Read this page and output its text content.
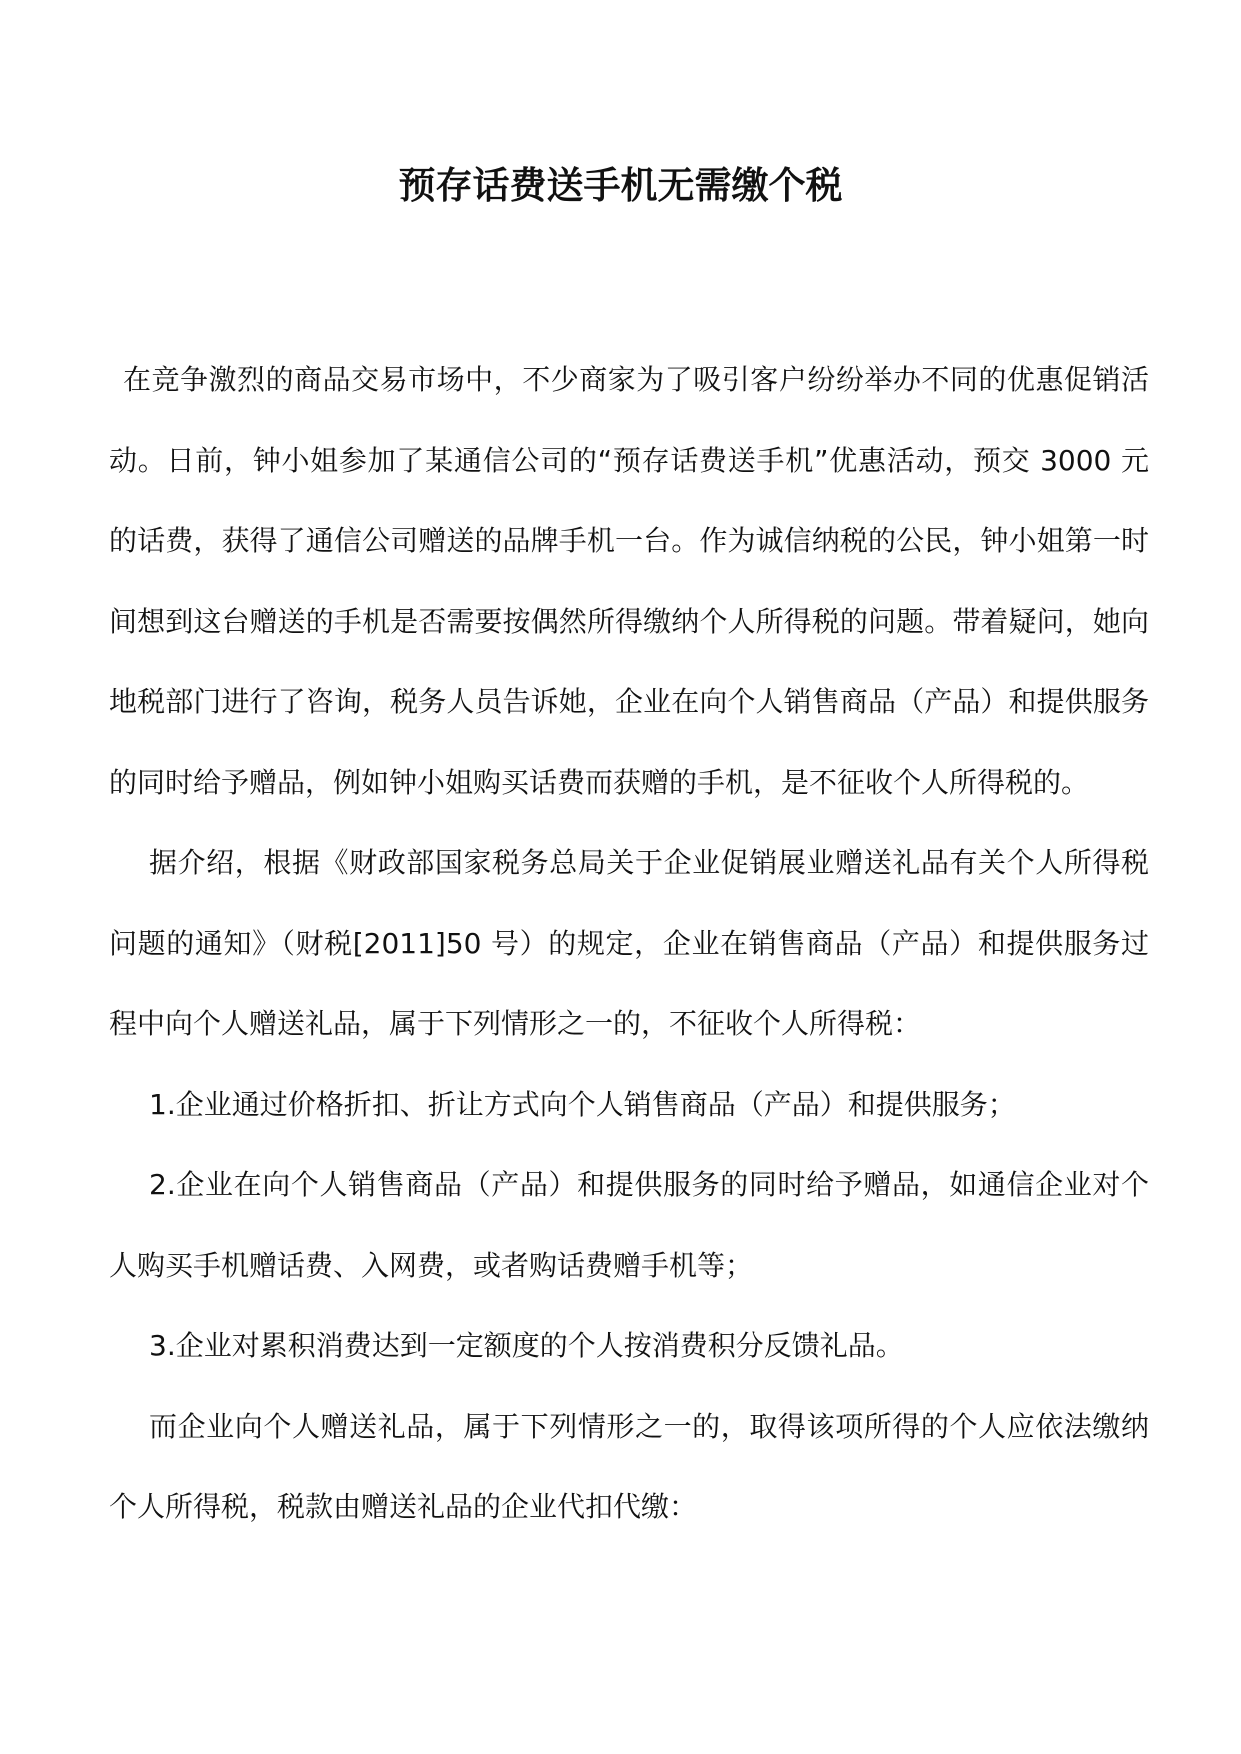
预存话费送手机无需缴个税

在竞争激烈的商品交易市场中，不少商家为了吸引客户纷纷举办不同的优惠促销活动。日前，钟小姐参加了某通信公司的“预存话费送手机”优惠活动，预交 3000 元的话费，获得了通信公司赠送的品牌手机一台。作为诚信纳税的公民，钟小姐第一时间想到这台赠送的手机是否需要按偶然所得缴纳个人所得税的问题。带着疑问，她向地税部门进行了咨询，税务人员告诉她，企业在向个人销售商品（产品）和提供服务的同时给予赠品，例如钟小姐购买话费而获赠的手机，是不征收个人所得税的。

据介绍，根据《财政部国家税务总局关于企业促销展业赠送礼品有关个人所得税问题的通知》（财税[2011]50 号）的规定，企业在销售商品（产品）和提供服务过程中向个人赠送礼品，属于下列情形之一的，不征收个人所得税：

1.企业通过价格折扣、折让方式向个人销售商品（产品）和提供服务；

2.企业在向个人销售商品（产品）和提供服务的同时给予赠品，如通信企业对个人购买手机赠话费、入网费，或者购话费赠手机等；

3.企业对累积消费达到一定额度的个人按消费积分反馈礼品。

而企业向个人赠送礼品，属于下列情形之一的，取得该项所得的个人应依法缴纳个人所得税，税款由赠送礼品的企业代扣代缴：
